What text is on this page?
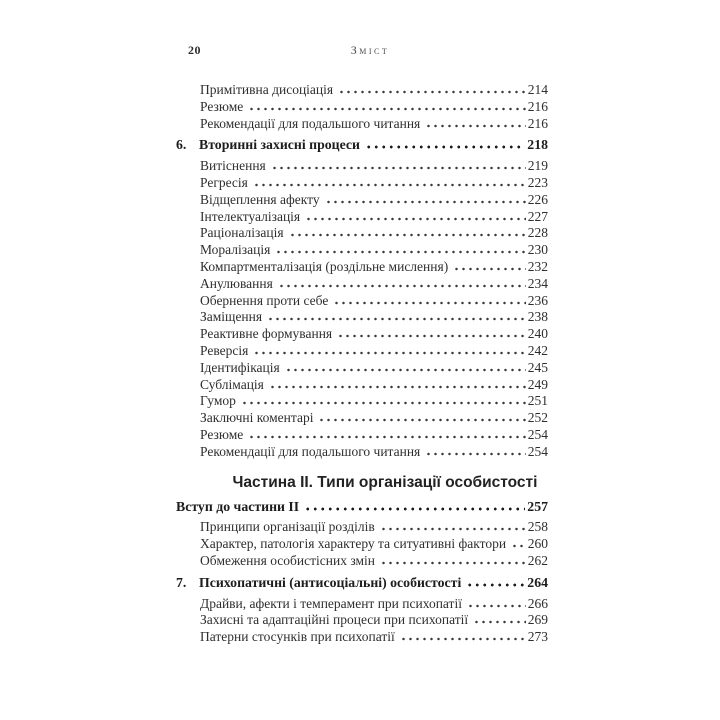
20	Зміст
Примітивна дисоціація	214
Резюме	216
Рекомендації для подальшого читання	216
6. Вторинні захисні процеси	218
Витіснення	219
Регресія	223
Відщеплення афекту	226
Інтелектуалізація	227
Раціоналізація	228
Моралізація	230
Компартменталізація (роздільне мислення)	232
Анулювання	234
Обернення проти себе	236
Заміщення	238
Реактивне формування	240
Реверсія	242
Ідентифікація	245
Сублімація	249
Гумор	251
Заключні коментарі	252
Резюме	254
Рекомендації для подальшого читання	254
Частина ІІ. Типи організації особистості
Вступ до частини ІІ	257
Принципи організації розділів	258
Характер, патологія характеру та ситуативні фактори 260
Обмеження особистісних змін	262
7. Психопатичні (антисоціальні) особистості	264
Драйви, афекти і темперамент при психопатії	266
Захисні та адаптаційні процеси при психопатії	269
Патерни стосунків при психопатії	273
